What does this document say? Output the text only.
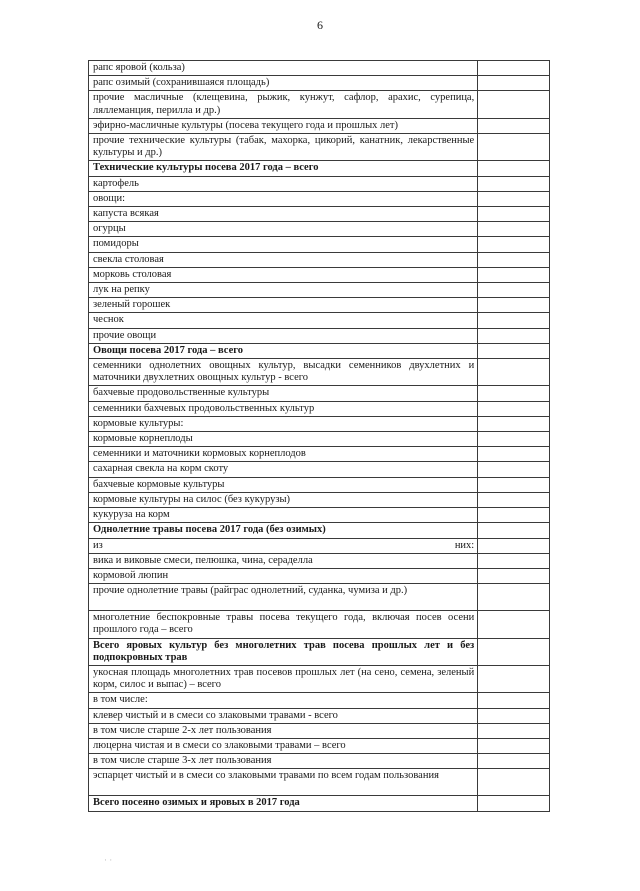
6
рапс яровой (кольза)	
рапс озимый (сохранившаяся площадь)	
прочие масличные (клещевина, рыжик, кунжут, сафлор, арахис, сурепица, ляллеманция, перилла и др.)	
эфирно-масличные культуры (посева текущего года и прошлых лет)	
прочие технические культуры (табак, махорка, цикорий, канатник, лекарственные культуры и др.)	
Технические культуры посева 2017 года – всего	
картофель	
овощи:	
капуста всякая	
огурцы	
помидоры	
свекла столовая	
морковь столовая	
лук на репку	
зеленый горошек	
чеснок	
прочие овощи	
Овощи посева 2017 года – всего	
семенники однолетних овощных культур, высадки семенников двухлетних и маточники двухлетних овощных культур - всего	
бахчевые продовольственные культуры	
семенники бахчевых продовольственных культур	
кормовые культуры:	
кормовые корнеплоды	
семенники и маточники кормовых корнеплодов	
сахарная свекла на корм скоту	
бахчевые кормовые культуры	
кормовые культуры на силос (без кукурузы)	
кукуруза на корм	
Однолетние травы посева 2017 года (без озимых)	

из них:	

вика и виковые смеси, пелюшка, чина, сераделла	
кормовой люпин	
прочие однолетние травы (райграс однолетний, суданка, чумиза и др.)	
многолетние беспокровные травы посева текущего года, включая посев осени прошлого года – всего	
Всего яровых культур без многолетних трав посева прошлых лет и без подпокровных трав	
укосная площадь многолетних трав посевов прошлых лет (на сено, семена, зеленый корм, силос и выпас) – всего	
в том числе:	
клевер чистый и в смеси со злаковыми травами - всего	
в том числе старше 2-х лет пользования	
люцерна чистая и в смеси со злаковыми травами – всего	
в том числе старше 3-х лет пользования	
эспарцет чистый и в смеси со злаковыми травами по всем годам пользования	
Всего посеяно озимых и яровых в 2017 года	
· ·
